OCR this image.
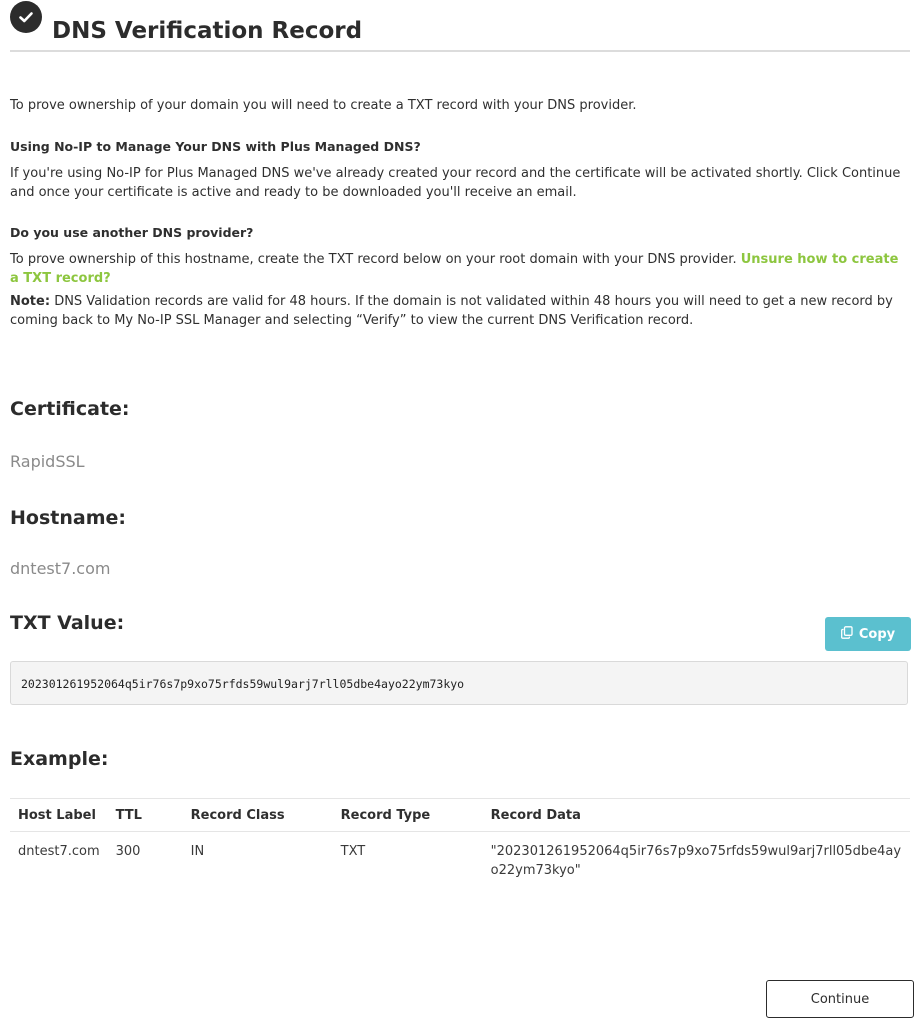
DNS Verification Record

To prove ownership of your domain you will need to create a TXT record with your DNS provider.

Using No-IP to Manage Your DNS with Plus Managed DNS?

If you're using No-IP for Plus Managed DNS we've already created your record and the certificate will be activated shortly. Click Continue and once your certificate is active and ready to be downloaded you'll receive an email.

Do you use another DNS provider?

To prove ownership of this hostname, create the TXT record below on your root domain with your DNS provider. Unsure how to create a TXT record?

Note: DNS Validation records are valid for 48 hours. If the domain is not validated within 48 hours you will need to get a new record by coming back to My No-IP SSL Manager and selecting “Verify” to view the current DNS Verification record.

Certificate:

RapidSSL

Hostname:

dntest7.com

TXT Value:	Copy
202301261952064q5ir76s7p9xo75rfds59wul9arj7rll05dbe4ayo22ym73kyo
Example:
Host Label	TTL	Record Class	Record Type	Record Data
dntest7.com	300	IN	TXT	"202301261952064q5ir76s7p9xo75rfds59wul9arj7rll05dbe4ayo22ym73kyo"
Continue
